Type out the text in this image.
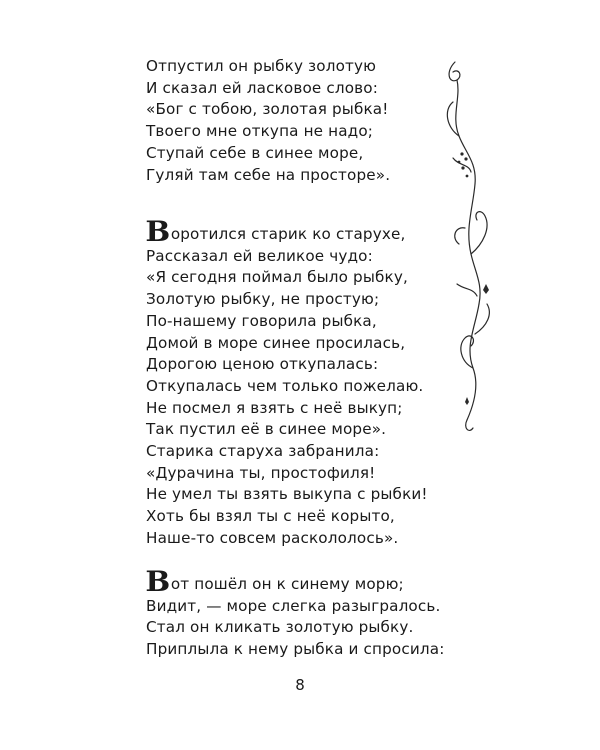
Отпустил он рыбку золотую
И сказал ей ласковое слово:
«Бог с тобою, золотая рыбка!
Твоего мне откупа не надо;
Ступай себе в синее море,
Гуляй там себе на просторе».
Воротился старик ко старухе,
Рассказал ей великое чудо:
«Я сегодня поймал было рыбку,
Золотую рыбку, не простую;
По-нашему говорила рыбка,
Домой в море синее просилась,
Дорогою ценою откупалась:
Откупалась чем только пожелаю.
Не посмел я взять с неё выкуп;
Так пустил её в синее море».
Старика старуха забранила:
«Дурачина ты, простофиля!
Не умел ты взять выкупа с рыбки!
Хоть бы взял ты с неё корыто,
Наше-то совсем раскололось».
Вот пошёл он к синему морю;
Видит, — море слегка разыгралось.
Стал он кликать золотую рыбку.
Приплыла к нему рыбка и спросила:
8
